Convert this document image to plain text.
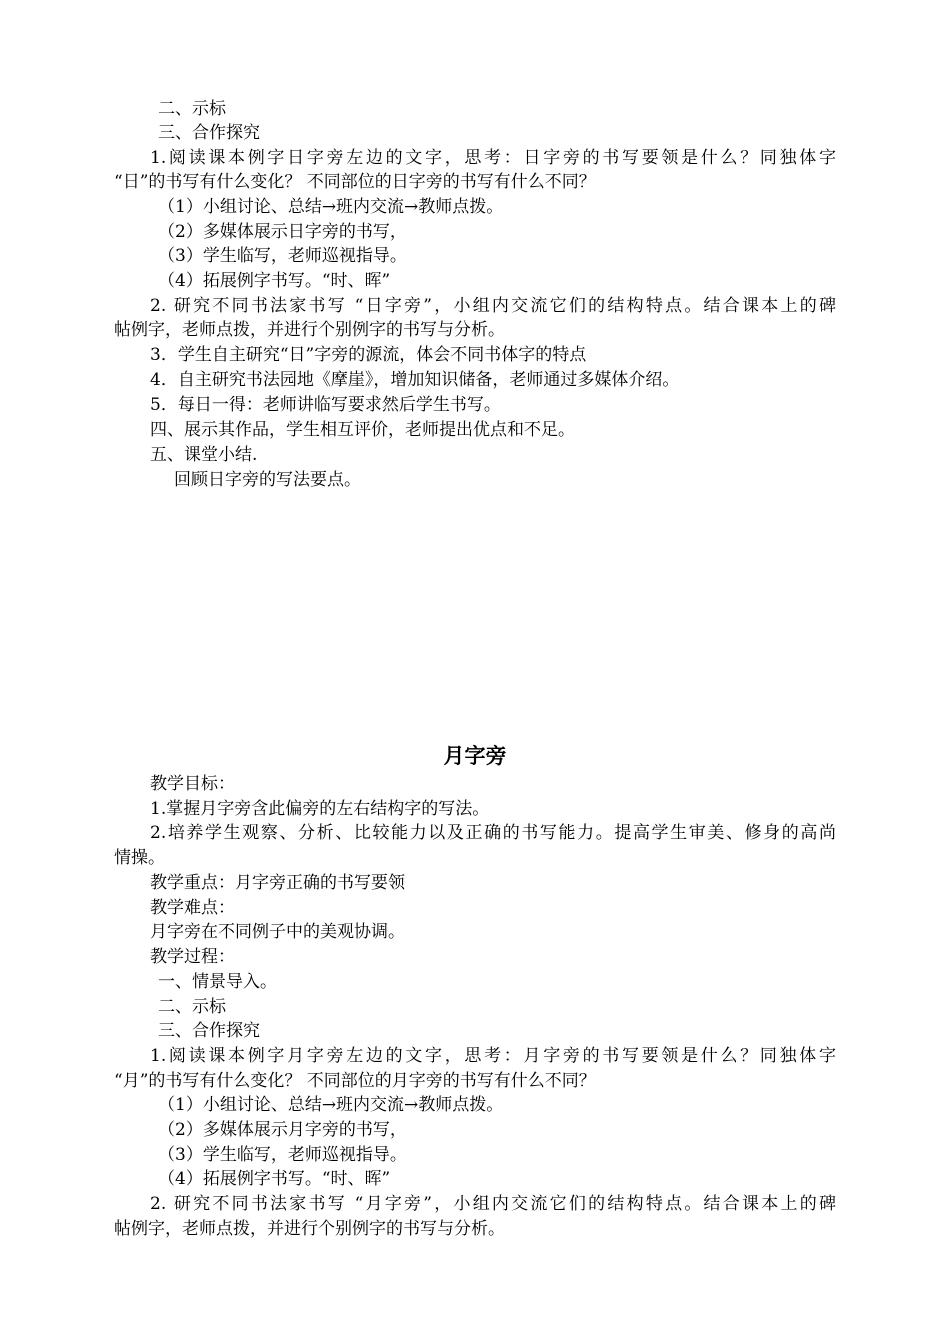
二、示标
三、合作探究
1.阅读课本例字日字旁左边的文字，思考：日字旁的书写要领是什么？同独体字
“日”的书写有什么变化？ 不同部位的日字旁的书写有什么不同？
（1）小组讨论、总结→班内交流→教师点拨。
（2）多媒体展示日字旁的书写，
（3）学生临写，老师巡视指导。
（4）拓展例字书写。“时、晖”
2. 研究不同书法家书写 “日字旁”，小组内交流它们的结构特点。结合课本上的碑
帖例字，老师点拨，并进行个别例字的书写与分析。
3．学生自主研究“日”字旁的源流，体会不同书体字的特点
4．自主研究书法园地《摩崖》，增加知识储备，老师通过多媒体介绍。
5．每日一得：老师讲临写要求然后学生书写。
四、展示其作品，学生相互评价，老师提出优点和不足。
五、课堂小结.
回顾日字旁的写法要点。
月字旁
教学目标：
1.掌握月字旁含此偏旁的左右结构字的写法。
2.培养学生观察、分析、比较能力以及正确的书写能力。提高学生审美、修身的高尚
情操。
教学重点：月字旁正确的书写要领
教学难点：
月字旁在不同例子中的美观协调。
教学过程：
一、情景导入。
二、示标
三、合作探究
1.阅读课本例字月字旁左边的文字，思考：月字旁的书写要领是什么？同独体字
“月”的书写有什么变化？ 不同部位的月字旁的书写有什么不同？
（1）小组讨论、总结→班内交流→教师点拨。
（2）多媒体展示月字旁的书写，
（3）学生临写，老师巡视指导。
（4）拓展例字书写。“时、晖”
2. 研究不同书法家书写 “月字旁”，小组内交流它们的结构特点。结合课本上的碑
帖例字，老师点拨，并进行个别例字的书写与分析。
